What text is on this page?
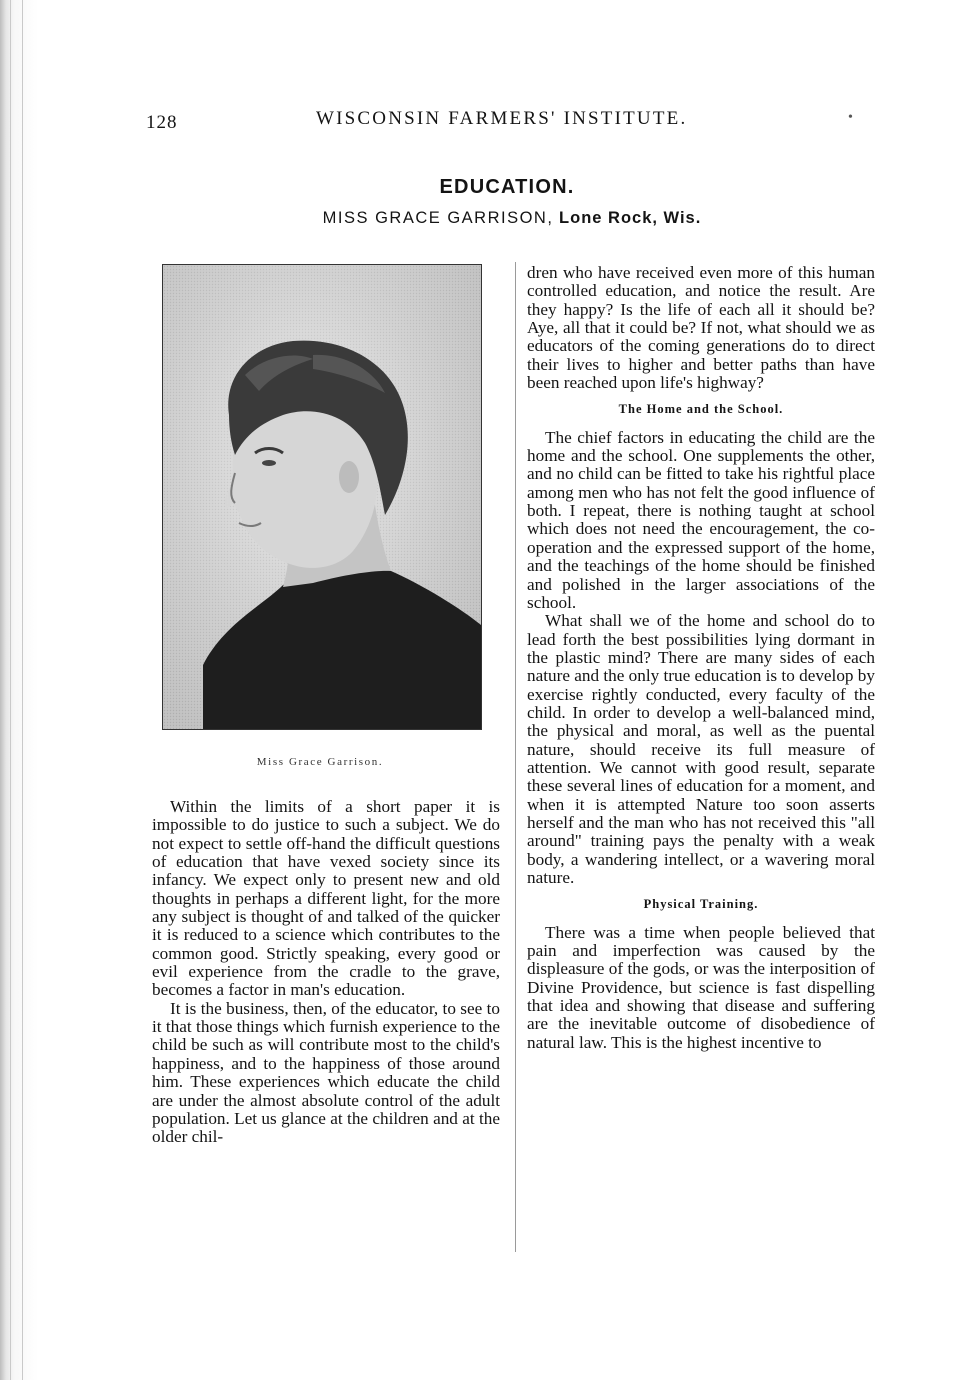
128	WISCONSIN FARMERS' INSTITUTE.	•
EDUCATION.
MISS GRACE GARRISON, Lone Rock, Wis.
Miss Grace Garrison.

Within the limits of a short paper it is impossible to do justice to such a subject. We do not expect to settle off-hand the difficult questions of education that have vexed society since its infancy. We expect only to present new and old thoughts in perhaps a different light, for the more any subject is thought of and talked of the quicker it is reduced to a science which contributes to the common good. Strictly speaking, every good or evil experience from the cradle to the grave, becomes a factor in man's education.

It is the business, then, of the educator, to see to it that those things which furnish experience to the child be such as will contribute most to the child's happiness, and to the happiness of those around him. These experiences which educate the child are under the almost absolute control of the adult population. Let us glance at the children and at the older chil-

dren who have received even more of this human controlled education, and notice the result. Are they happy? Is the life of each all it should be? Aye, all that it could be? If not, what should we as educators of the coming generations do to direct their lives to higher and better paths than have been reached upon life's highway?

The Home and the School.

The chief factors in educating the child are the home and the school. One supplements the other, and no child can be fitted to take his rightful place among men who has not felt the good influence of both. I repeat, there is nothing taught at school which does not need the encouragement, the co-operation and the expressed support of the home, and the teachings of the home should be finished and polished in the larger associations of the school.

What shall we of the home and school do to lead forth the best possibilities lying dormant in the plastic mind? There are many sides of each nature and the only true education is to develop by exercise rightly conducted, every faculty of the child. In order to develop a well-balanced mind, the physical and moral, as well as the puental nature, should receive its full measure of attention. We cannot with good result, separate these several lines of education for a moment, and when it is attempted Nature too soon asserts herself and the man who has not received this "all around" training pays the penalty with a weak body, a wandering intellect, or a wavering moral nature.

Physical Training.

There was a time when people believed that pain and imperfection was caused by the displeasure of the gods, or was the interposition of Divine Providence, but science is fast dispelling that idea and showing that disease and suffering are the inevitable outcome of disobedience of natural law. This is the highest incentive to
